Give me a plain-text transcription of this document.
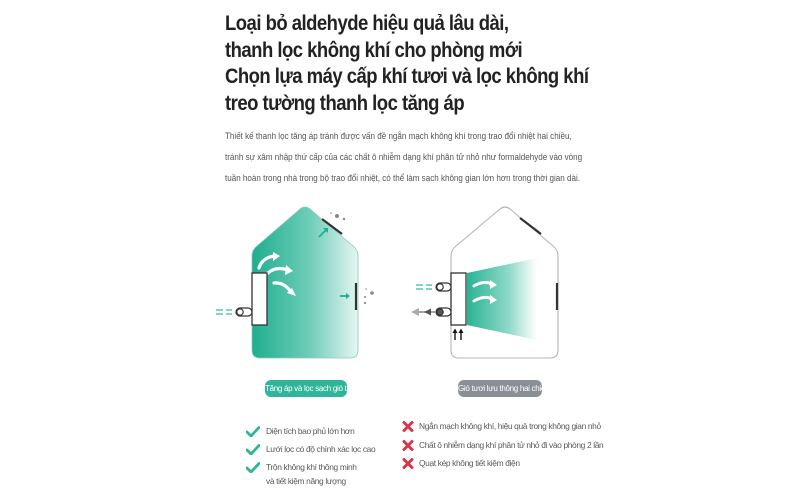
Loại bỏ aldehyde hiệu quả lâu dài,
thanh lọc không khí cho phòng mới
Chọn lựa máy cấp khí tươi và lọc không khí
treo tường thanh lọc tăng áp
Thiết kế thanh lọc tăng áp tránh được vấn đề ngắn mạch không khí trong trao đổi nhiệt hai chiều,
tránh sự xâm nhập thứ cấp của các chất ô nhiễm dạng khí phân tử nhỏ như formaldehyde vào vòng
tuần hoàn trong nhà trong bộ trao đổi nhiệt, có thể làm sạch không gian lớn hơn trong thời gian dài.
Tăng áp và lọc sạch gió tươi	Gió tươi lưu thông hai chiều
Diện tích bao phủ lớn hơn
Lưới lọc có độ chính xác lọc cao
Trộn không khí thông minh
và tiết kiệm năng lượng
Ngắn mạch không khí, hiệu quả trong không gian nhỏ
Chất ô nhiễm dạng khí phân tử nhỏ đi vào phòng 2 lần
Quạt kép không tiết kiệm điện
